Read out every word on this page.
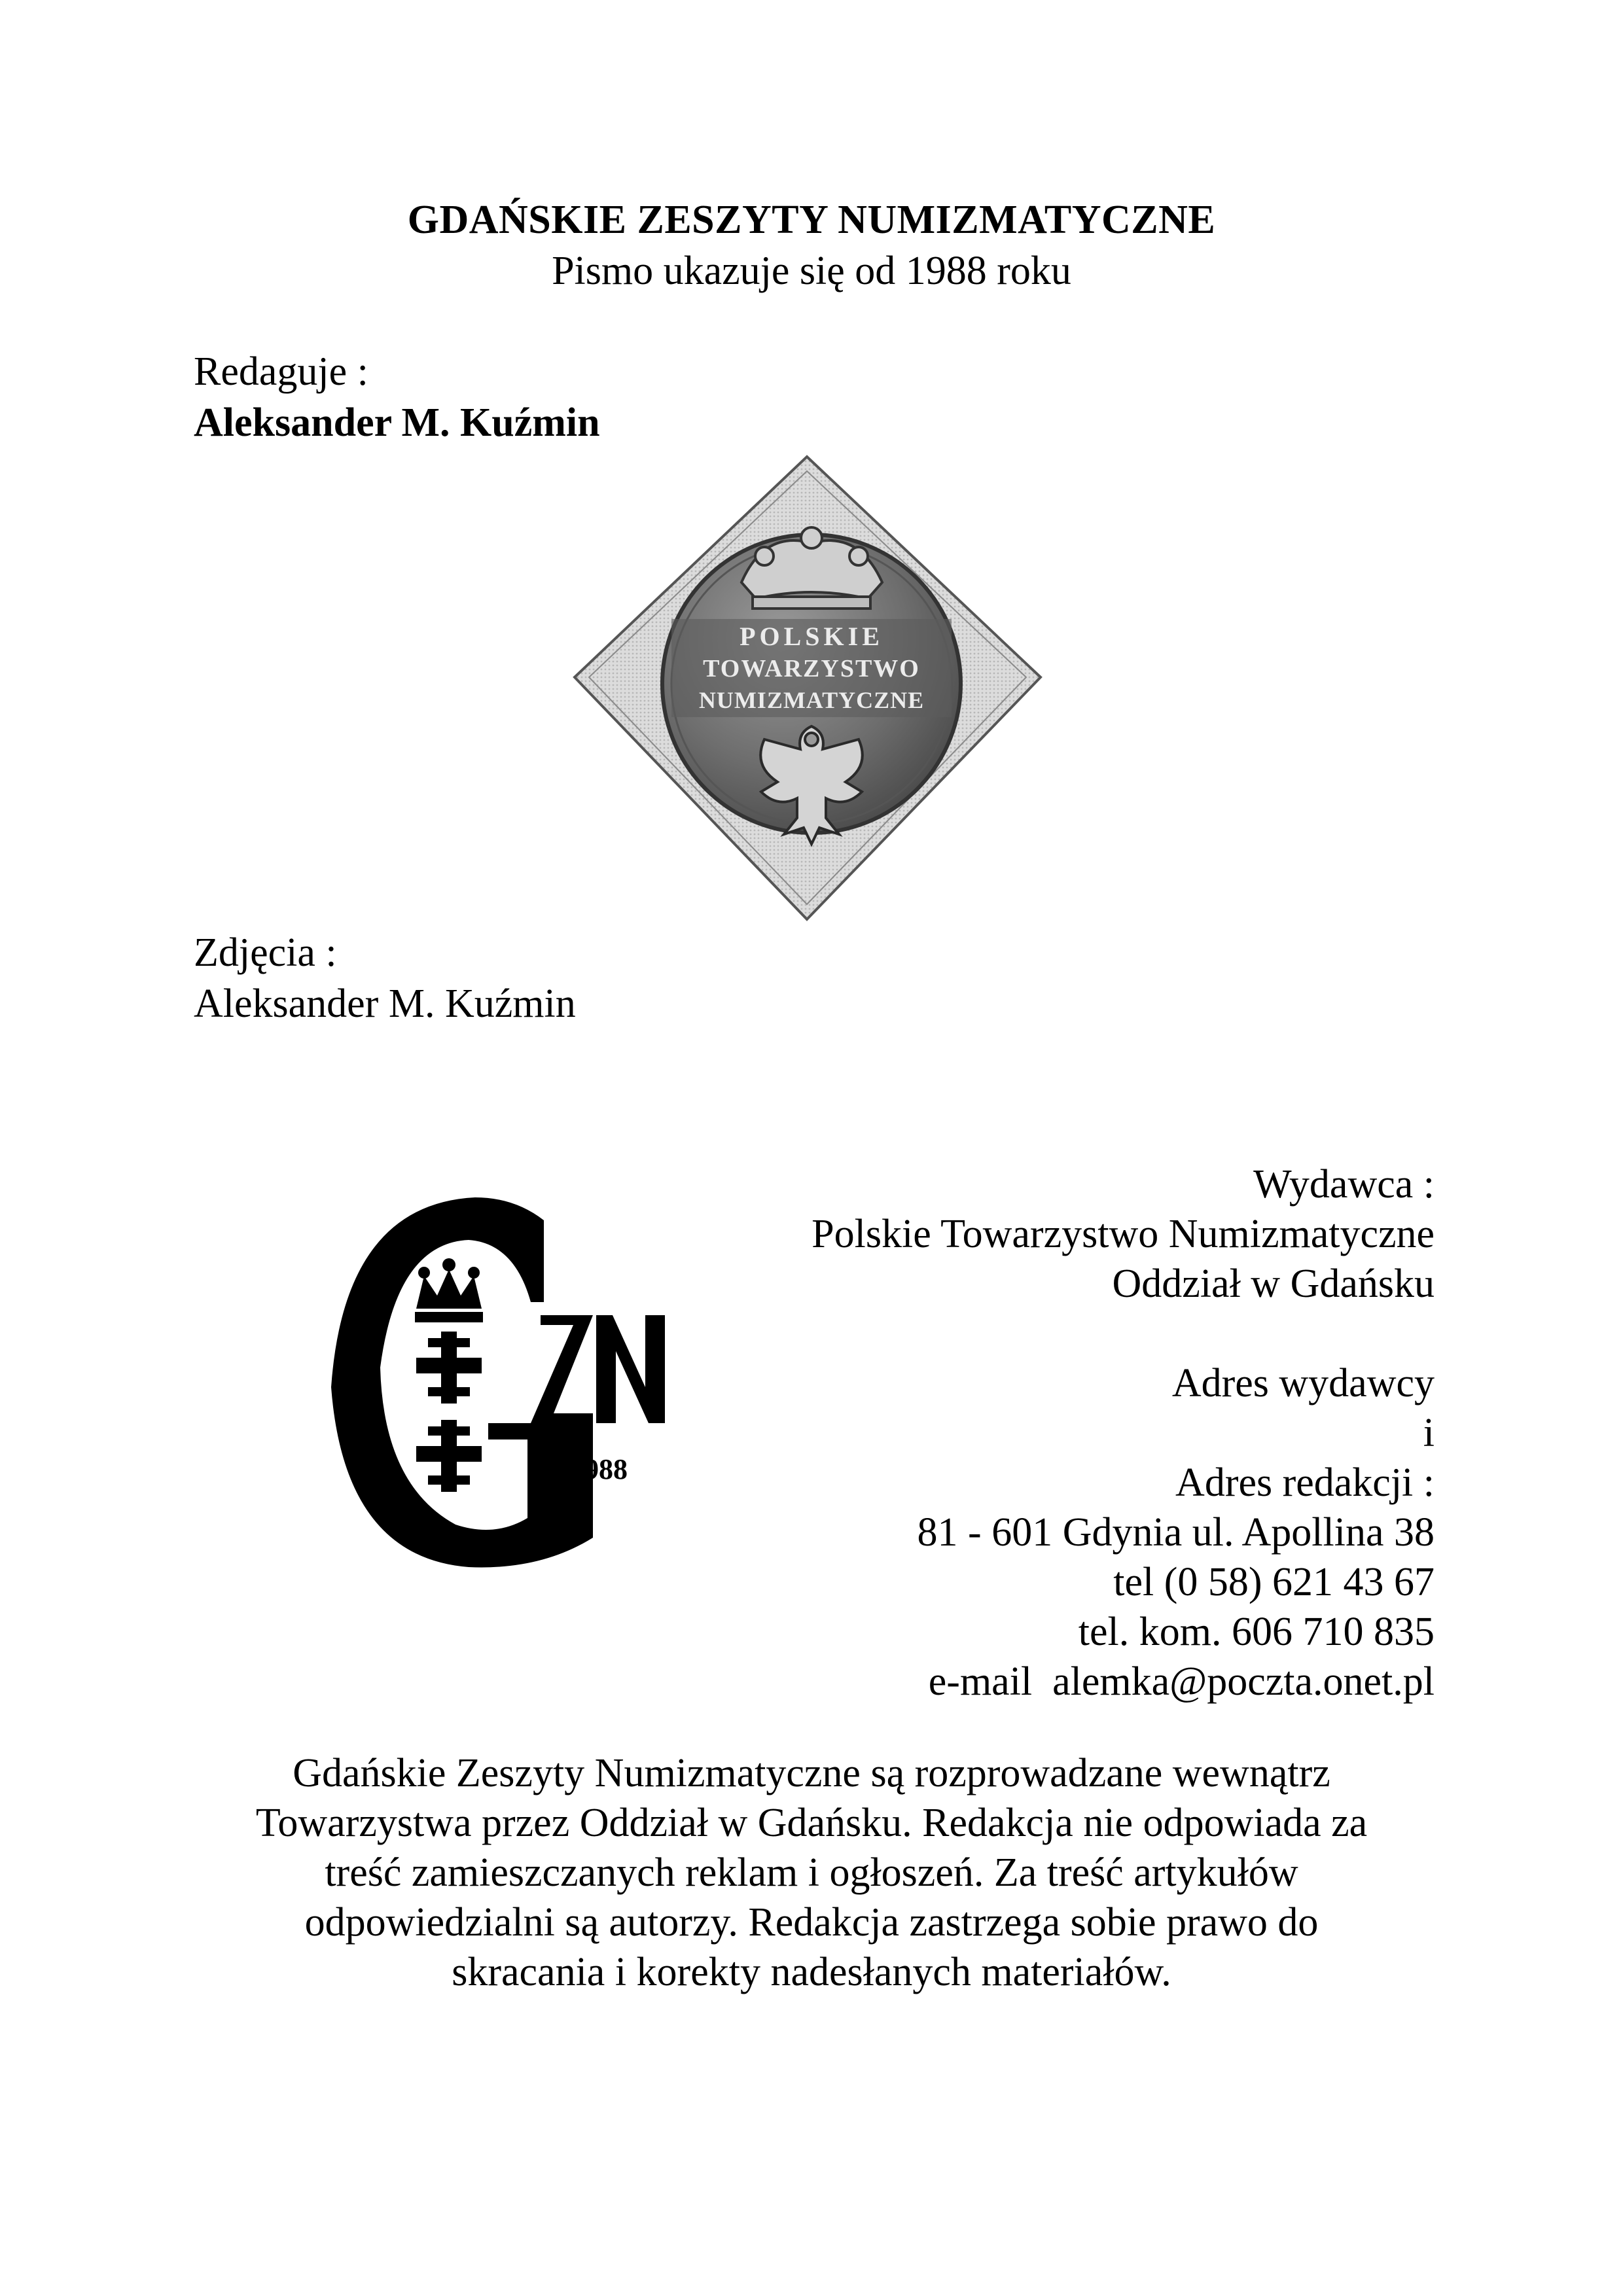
GDAŃSKIE ZESZYTY NUMIZMATYCZNE
Pismo ukazuje się od 1988 roku
Redaguje :
Aleksander M. Kuźmin
POLSKIE
TOWARZYSTWO
NUMIZMATYCZNE
Zdjęcia :
Aleksander M. Kuźmin
1988
Wydawca :
Polskie Towarzystwo Numizmatyczne
Oddział w Gdańsku
Adres wydawcy
i
Adres redakcji :
81 - 601 Gdynia ul. Apollina 38
tel (0 58) 621 43 67
tel. kom. 606 710 835
e-mail  alemka@poczta.onet.pl
Gdańskie Zeszyty Numizmatyczne są rozprowadzane wewnątrz
Towarzystwa przez Oddział w Gdańsku. Redakcja nie odpowiada za
treść zamieszczanych reklam i ogłoszeń. Za treść artykułów
odpowiedzialni są autorzy. Redakcja zastrzega sobie prawo do
skracania i korekty nadesłanych materiałów.
